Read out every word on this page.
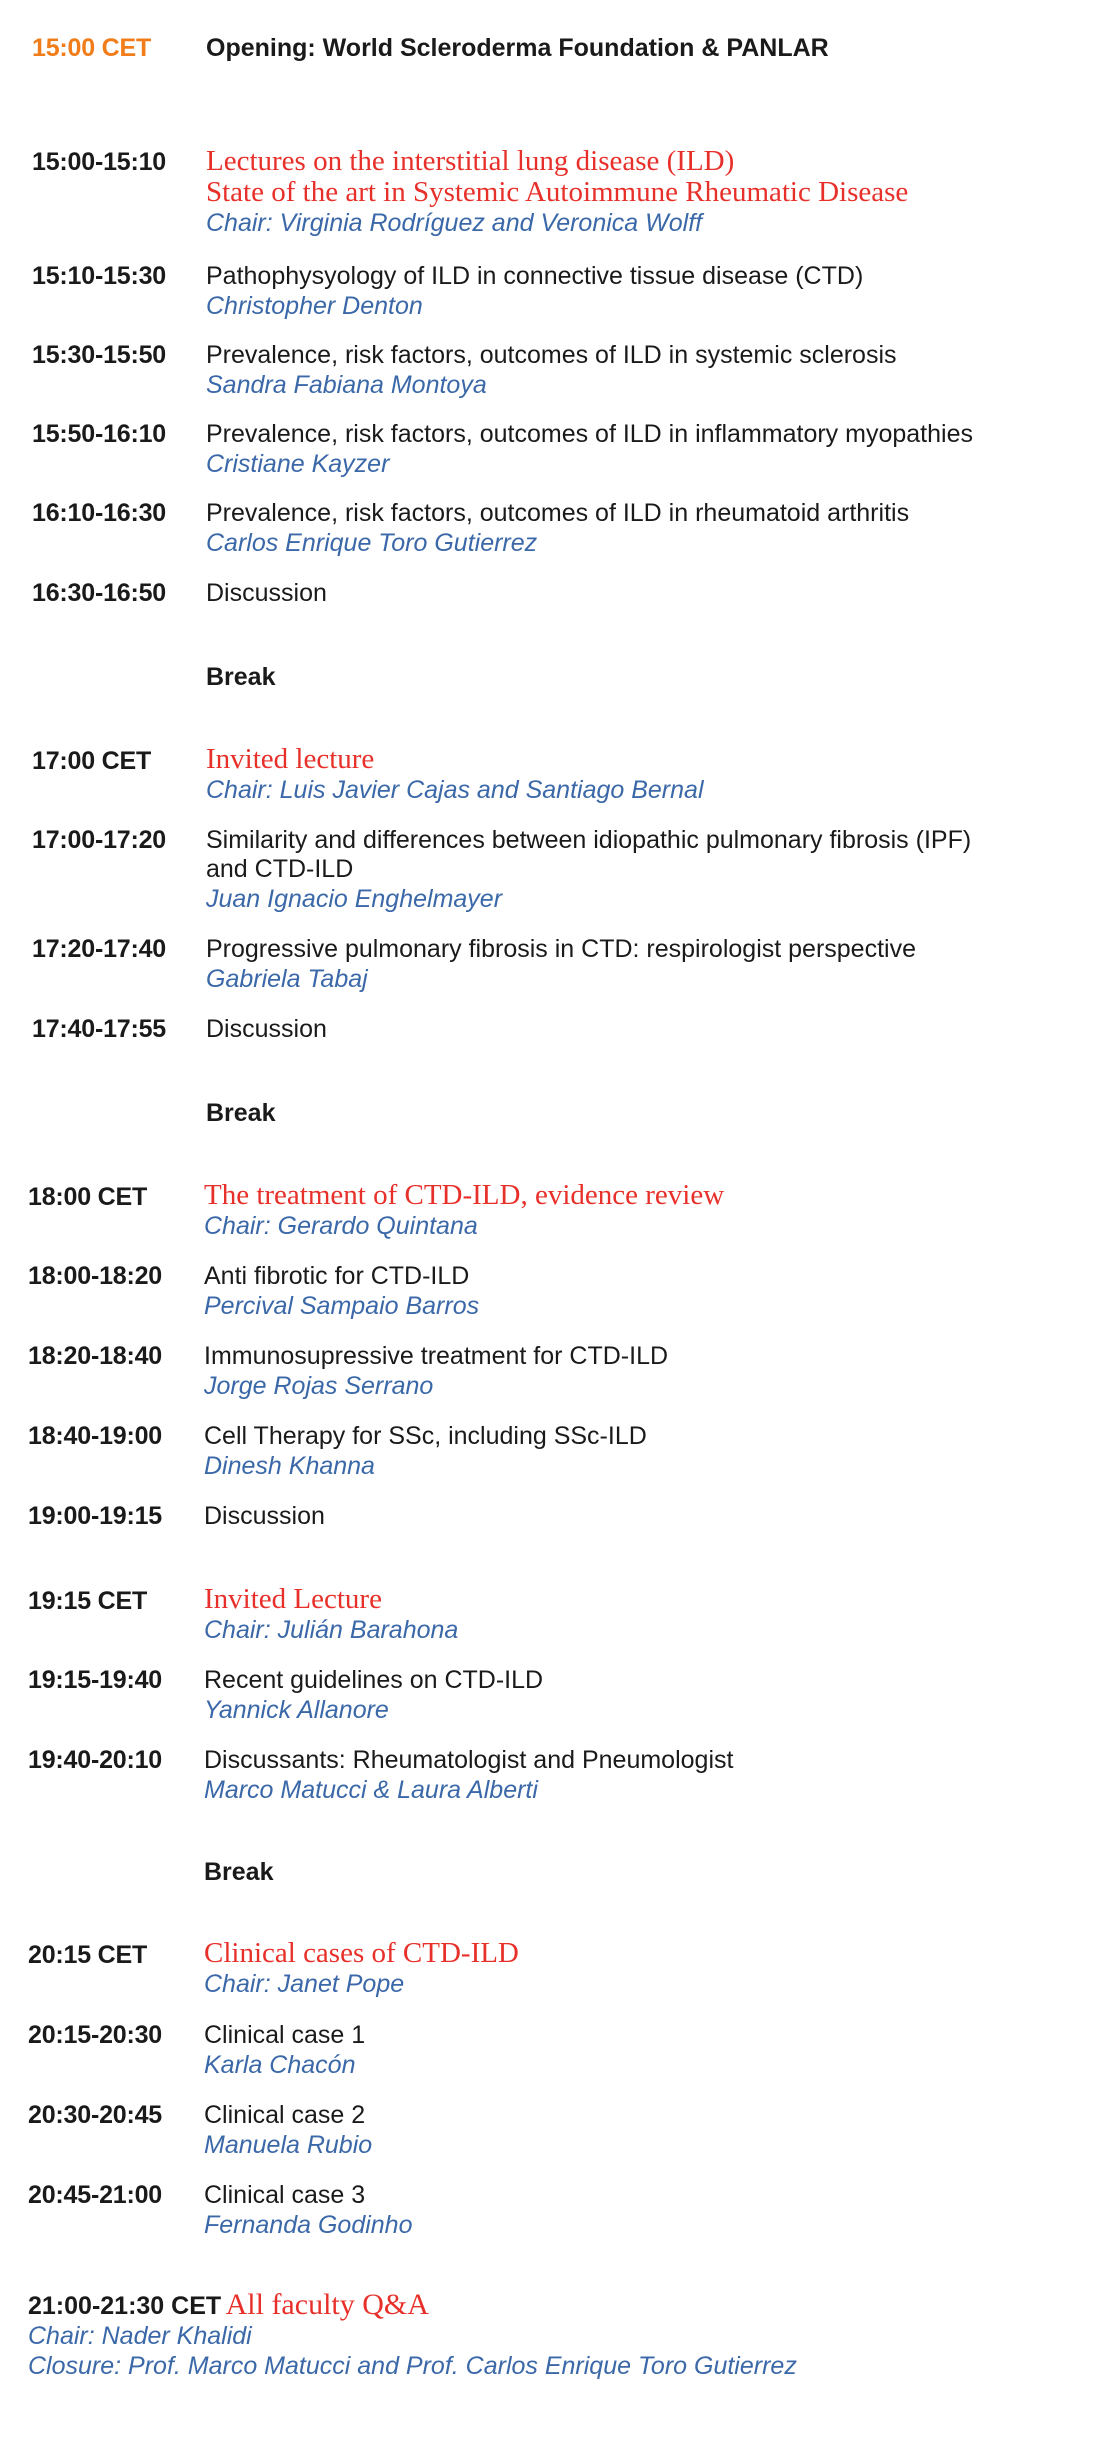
15:00 CET Opening: World Scleroderma Foundation & PANLAR

15:00-15:10 Lectures on the interstitial lung disease (ILD)

State of the art in Systemic Autoimmune Rheumatic Disease

Chair: Virginia Rodríguez and Veronica Wolff

15:10-15:30 Pathophysyology of ILD in connective tissue disease (CTD)

Christopher Denton

15:30-15:50 Prevalence, risk factors, outcomes of ILD in systemic sclerosis

Sandra Fabiana Montoya

15:50-16:10 Prevalence, risk factors, outcomes of ILD in inflammatory myopathies

Cristiane Kayzer

16:10-16:30 Prevalence, risk factors, outcomes of ILD in rheumatoid arthritis

Carlos Enrique Toro Gutierrez

16:30-16:50 Discussion

Break
17:00 CET Invited lecture

Chair: Luis Javier Cajas and Santiago Bernal

17:00-17:20 Similarity and differences between idiopathic pulmonary fibrosis (IPF)

and CTD-ILD

Juan Ignacio Enghelmayer

17:20-17:40 Progressive pulmonary fibrosis in CTD: respirologist perspective

Gabriela Tabaj

17:40-17:55 Discussion

Break
18:00 CET The treatment of CTD-ILD, evidence review

Chair: Gerardo Quintana

18:00-18:20 Anti fibrotic for CTD-ILD

Percival Sampaio Barros

18:20-18:40 Immunosupressive treatment for CTD-ILD

Jorge Rojas Serrano

18:40-19:00 Cell Therapy for SSc, including SSc-ILD

Dinesh Khanna

19:00-19:15 Discussion

19:15 CET Invited Lecture

Chair: Julián Barahona

19:15-19:40 Recent guidelines on CTD-ILD

Yannick Allanore

19:40-20:10 Discussants: Rheumatologist and Pneumologist

Marco Matucci & Laura Alberti

Break
20:15 CET Clinical cases of CTD-ILD

Chair: Janet Pope

20:15-20:30 Clinical case 1

Karla Chacón

20:30-20:45 Clinical case 2

Manuela Rubio

20:45-21:00 Clinical case 3

Fernanda Godinho

21:00-21:30 CET All faculty Q&A
Chair: Nader Khalidi
Closure: Prof. Marco Matucci and Prof. Carlos Enrique Toro Gutierrez
